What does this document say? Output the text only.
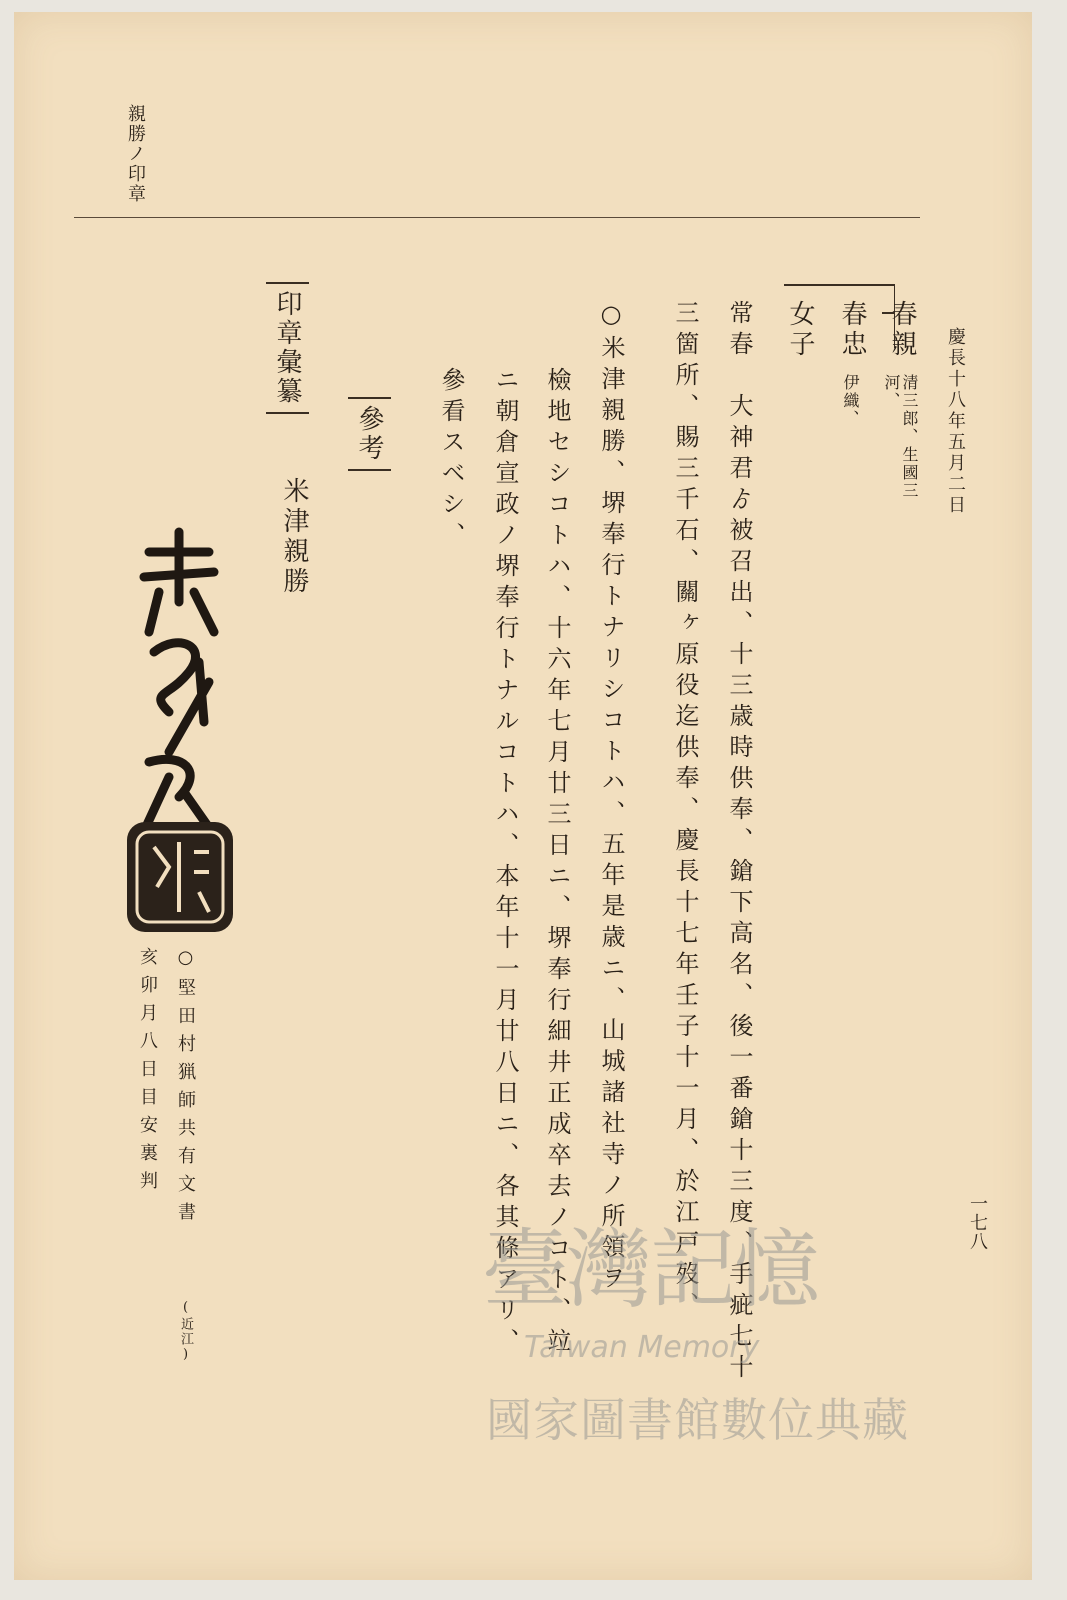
親勝ノ印章
慶長十八年五月二日
春親
清三郎、生國三河、
春忠
伊織、
女子
常春　大神君ゟ被召出、十三歳時供奉、鎗下高名、後一番鎗十三度、手疵七十
三箇所、賜三千石、關ヶ原役迄供奉、慶長十七年壬子十一月、於江戸歿、
○米津親勝、堺奉行トナリシコトハ、五年是歳ニ、山城諸社寺ノ所領ヲ
檢地セシコトハ、十六年七月廿三日ニ、堺奉行細井正成卒去ノコト、竝
ニ朝倉宣政ノ堺奉行トナルコトハ、本年十一月廿八日ニ、各其條アリ、
參看スベシ、
參考
印章彙纂
米津親勝
○堅田村猟師共有文書
(近江)
亥卯月八日目安裏判
一七八
臺灣記憶
Taiwan Memory
國家圖書館數位典藏
